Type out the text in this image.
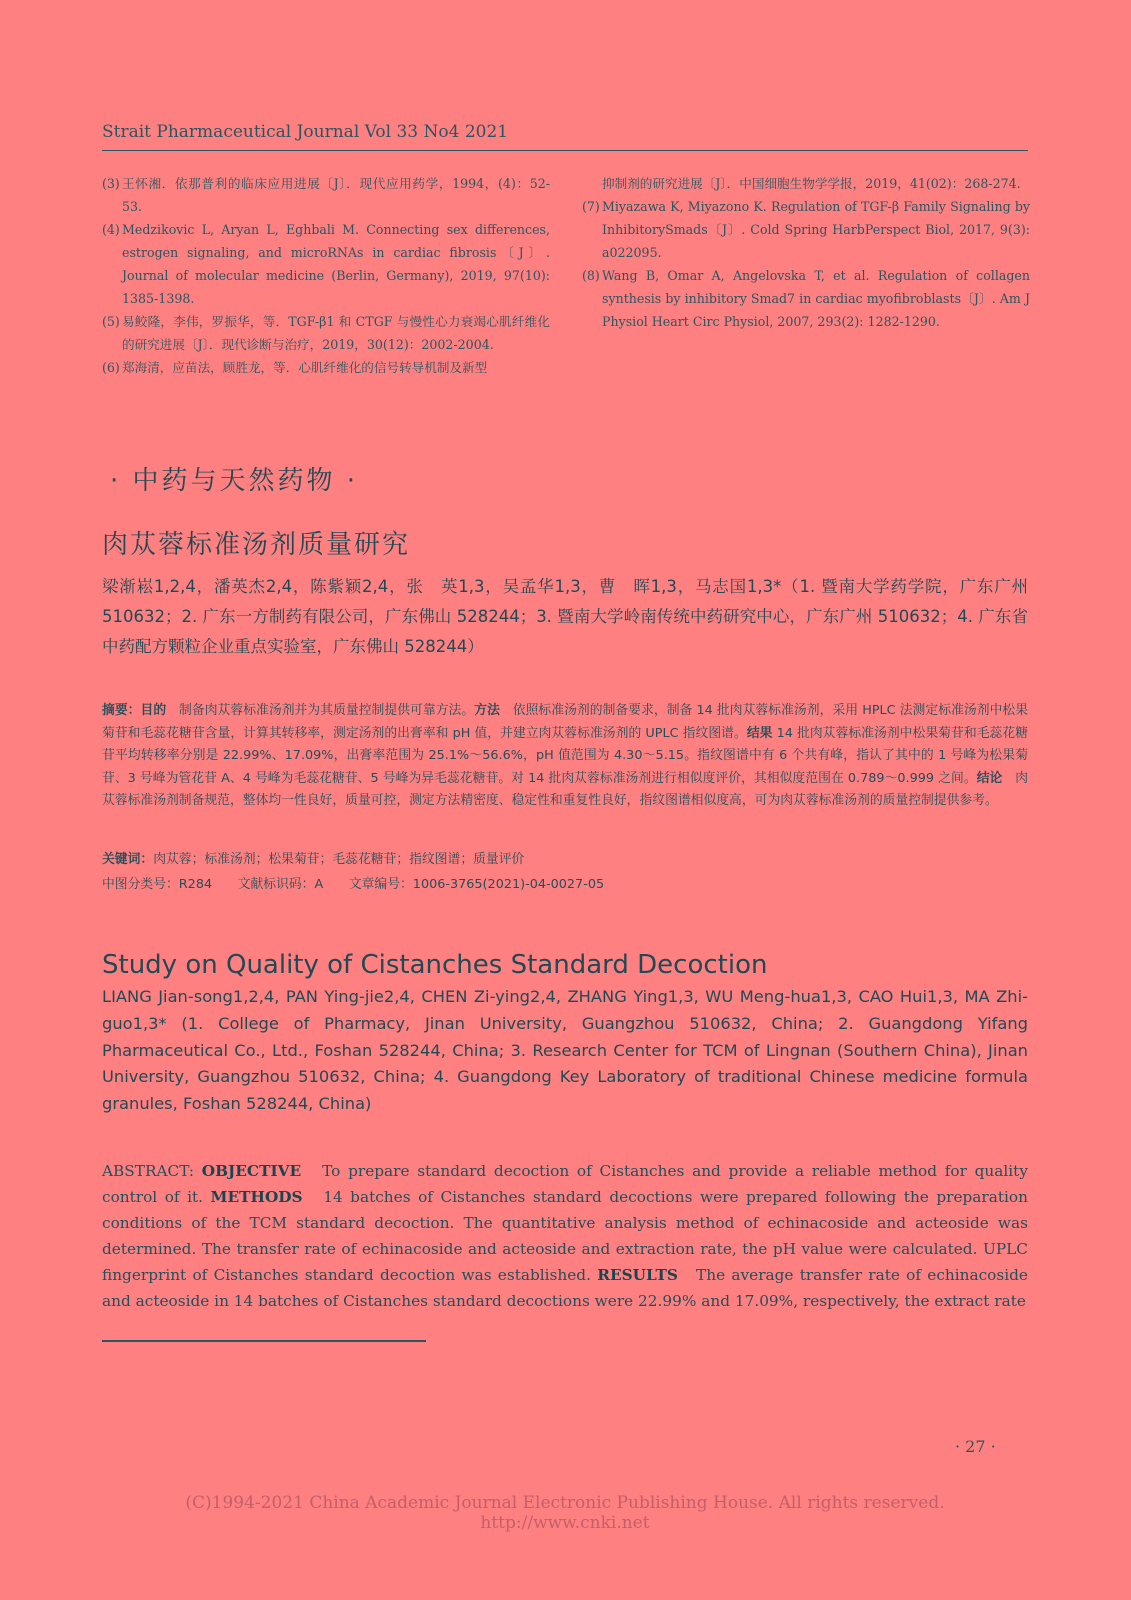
Strait Pharmaceutical Journal Vol 33 No4 2021
(3) 王怀湘．依那普利的临床应用进展〔J〕．现代应用药学，1994，(4)：52-53.
(4) Medzikovic L, Aryan L, Eghbali M. Connecting sex differences, estrogen signaling, and microRNAs in cardiac fibrosis〔J〕. Journal of molecular medicine (Berlin, Germany), 2019, 97(10): 1385-1398.
(5) 易鲛隆，李伟，罗振华，等．TGF-β1 和 CTGF 与慢性心力衰竭心肌纤维化的研究进展〔J〕．现代诊断与治疗，2019，30(12)：2002-2004.
(6) 郑海清，应苗法，顾胜龙，等．心肌纤维化的信号转导机制及新型
抑制剂的研究进展〔J〕．中国细胞生物学学报，2019，41(02)：268-274.
(7) Miyazawa K, Miyazono K. Regulation of TGF-β Family Signaling by InhibitorySmads〔J〕. Cold Spring HarbPerspect Biol, 2017, 9(3): a022095.
(8) Wang B, Omar A, Angelovska T, et al. Regulation of collagen synthesis by inhibitory Smad7 in cardiac myofibroblasts〔J〕. Am J Physiol Heart Circ Physiol, 2007, 293(2): 1282-1290.
· 中药与天然药物 ·
肉苁蓉标准汤剂质量研究
梁渐崧1,2,4，潘英杰2,4，陈紫颖2,4，张　英1,3，吴孟华1,3，曹　晖1,3，马志国1,3*（1. 暨南大学药学院，广东广州 510632；2. 广东一方制药有限公司，广东佛山 528244；3. 暨南大学岭南传统中药研究中心，广东广州 510632；4. 广东省中药配方颗粒企业重点实验室，广东佛山 528244）
摘要：目的　 制备肉苁蓉标准汤剂并为其质量控制提供可靠方法。方法　 依照标准汤剂的制备要求，制备 14 批肉苁蓉标准汤剂，采用 HPLC 法测定标准汤剂中松果菊苷和毛蕊花糖苷含量，计算其转移率，测定汤剂的出膏率和 pH 值，并建立肉苁蓉标准汤剂的 UPLC 指纹图谱。结果 14 批肉苁蓉标准汤剂中松果菊苷和毛蕊花糖苷平均转移率分别是 22.99%、17.09%，出膏率范围为 25.1%～56.6%，pH 值范围为 4.30～5.15。指纹图谱中有 6 个共有峰，指认了其中的 1 号峰为松果菊苷、3 号峰为管花苷 A、4 号峰为毛蕊花糖苷、5 号峰为异毛蕊花糖苷。对 14 批肉苁蓉标准汤剂进行相似度评价，其相似度范围在 0.789～0.999 之间。结论　 肉苁蓉标准汤剂制备规范，整体均一性良好，质量可控，测定方法精密度、稳定性和重复性良好，指纹图谱相似度高，可为肉苁蓉标准汤剂的质量控制提供参考。
关键词：肉苁蓉；标准汤剂；松果菊苷；毛蕊花糖苷；指纹图谱；质量评价
中图分类号：R284　　文献标识码：A　　文章编号：1006-3765(2021)-04-0027-05
Study on Quality of Cistanches Standard Decoction
LIANG Jian-song1,2,4, PAN Ying-jie2,4, CHEN Zi-ying2,4, ZHANG Ying1,3, WU Meng-hua1,3, CAO Hui1,3, MA Zhi-guo1,3* (1. College of Pharmacy, Jinan University, Guangzhou 510632, China; 2. Guangdong Yifang Pharmaceutical Co., Ltd., Foshan 528244, China; 3. Research Center for TCM of Lingnan (Southern China), Jinan University, Guangzhou 510632, China; 4. Guangdong Key Laboratory of traditional Chinese medicine formula granules, Foshan 528244, China)
ABSTRACT: OBJECTIVE　 To prepare standard decoction of Cistanches and provide a reliable method for quality control of it. METHODS　 14 batches of Cistanches standard decoctions were prepared following the preparation conditions of the TCM standard decoction. The quantitative analysis method of echinacoside and acteoside was determined. The transfer rate of echinacoside and acteoside and extraction rate, the pH value were calculated. UPLC fingerprint of Cistanches standard decoction was established. RESULTS　 The average transfer rate of echinacoside and acteoside in 14 batches of Cistanches standard decoctions were 22.99% and 17.09%, respectively, the extract rate
· 27 ·
(C)1994-2021 China Academic Journal Electronic Publishing House. All rights reserved.　　http://www.cnki.net
